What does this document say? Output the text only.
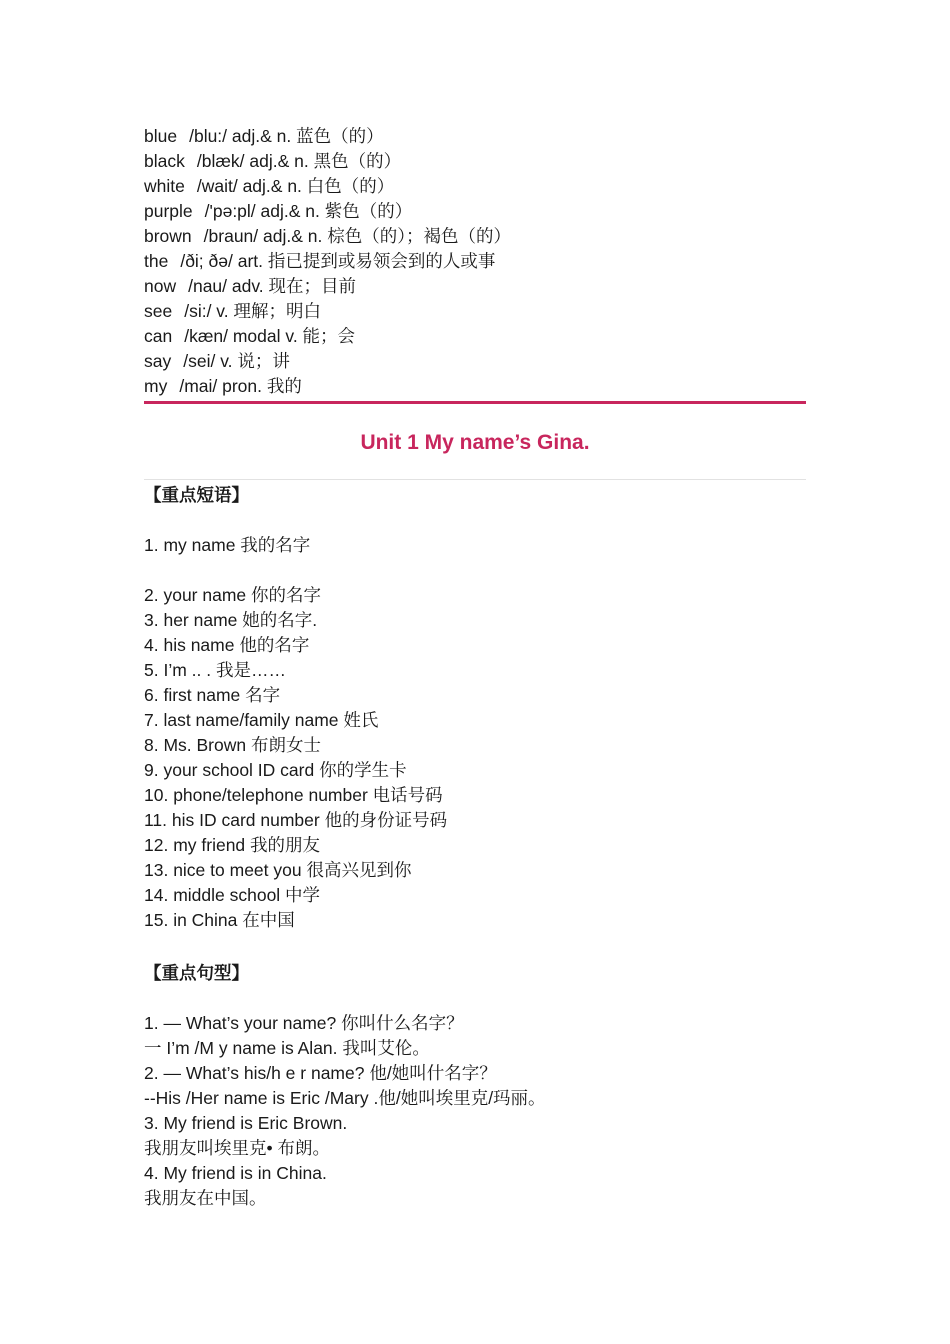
blue /blu:/ adj.& n. 蓝色（的）
black /blæk/ adj.& n. 黑色（的）
white /wait/ adj.& n. 白色（的）
purple /'pə:pl/ adj.& n. 紫色（的）
brown /braun/ adj.& n. 棕色（的）；褐色（的）
the /ði; ðə/ art. 指已提到或易领会到的人或事
now /nau/ adv. 现在；目前
see /si:/ v. 理解；明白
can /kæn/ modal v. 能；会
say /sei/ v. 说；讲
my /mai/ pron. 我的
Unit 1 My name’s Gina.
【重点短语】
1. my name 我的名字
2. your name 你的名字
3. her name 她的名字.
4. his name 他的名字
5. I’m .. . 我是……
6. first name 名字
7. last name/family name 姓氏
8. Ms. Brown 布朗女士
9. your school ID card 你的学生卡
10. phone/telephone number 电话号码
11. his ID card number 他的身份证号码
12. my friend 我的朋友
13. nice to meet you 很高兴见到你
14. middle school 中学
15. in China 在中国
【重点句型】
1. — What’s your name? 你叫什么名字？
一 I’m /M y name is Alan. 我叫艾伦。
2. — What’s his/h e r name? 他/她叫什名字？
--His /Her name is Eric /Mary .他/她叫埃里克/玛丽。
3. My friend is Eric Brown.
我朋友叫埃里克• 布朗。
4. My friend is in China.
我朋友在中国。
